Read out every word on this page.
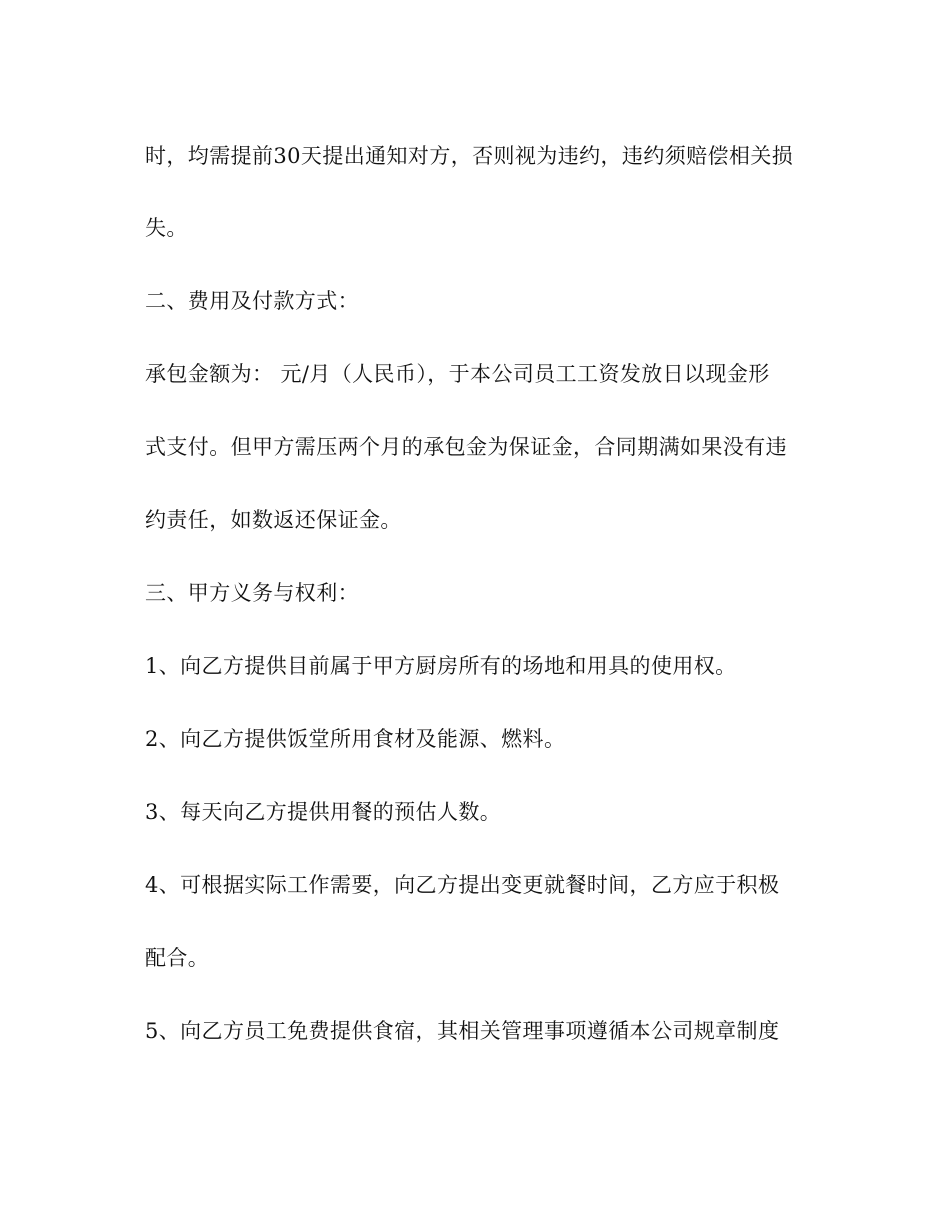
时，均需提前30天提出通知对方，否则视为违约，违约须赔偿相关损
失。
二、费用及付款方式：
承包金额为： 元/月（人民币），于本公司员工工资发放日以现金形
式支付。但甲方需压两个月的承包金为保证金，合同期满如果没有违
约责任，如数返还保证金。
三、甲方义务与权利：
1、向乙方提供目前属于甲方厨房所有的场地和用具的使用权。
2、向乙方提供饭堂所用食材及能源、燃料。
3、每天向乙方提供用餐的预估人数。
4、可根据实际工作需要，向乙方提出变更就餐时间，乙方应于积极
配合。
5、向乙方员工免费提供食宿，其相关管理事项遵循本公司规章制度
